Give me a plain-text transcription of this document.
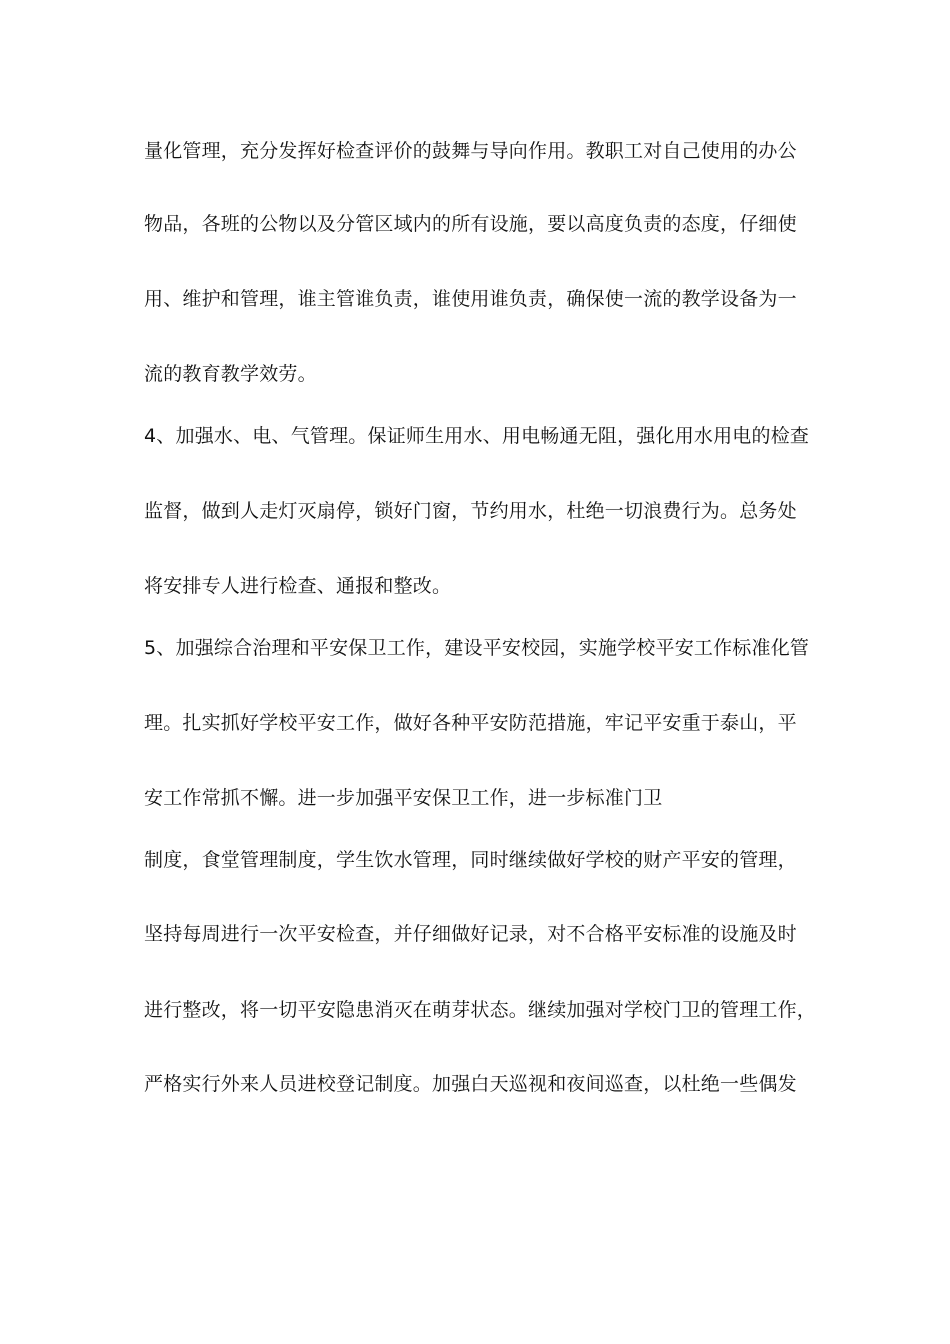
量化管理，充分发挥好检查评价的鼓舞与导向作用。教职工对自己使用的办公
物品，各班的公物以及分管区域内的所有设施，要以高度负责的态度，仔细使
用、维护和管理，谁主管谁负责，谁使用谁负责，确保使一流的教学设备为一
流的教育教学效劳。
4、加强水、电、气管理。保证师生用水、用电畅通无阻，强化用水用电的检查
监督，做到人走灯灭扇停，锁好门窗，节约用水，杜绝一切浪费行为。总务处
将安排专人进行检查、通报和整改。
5、加强综合治理和平安保卫工作，建设平安校园，实施学校平安工作标准化管
理。扎实抓好学校平安工作，做好各种平安防范措施，牢记平安重于泰山，平
安工作常抓不懈。进一步加强平安保卫工作，进一步标准门卫
制度，食堂管理制度，学生饮水管理，同时继续做好学校的财产平安的管理，
坚持每周进行一次平安检查，并仔细做好记录，对不合格平安标准的设施及时
进行整改，将一切平安隐患消灭在萌芽状态。继续加强对学校门卫的管理工作，
严格实行外来人员进校登记制度。加强白天巡视和夜间巡查，以杜绝一些偶发
